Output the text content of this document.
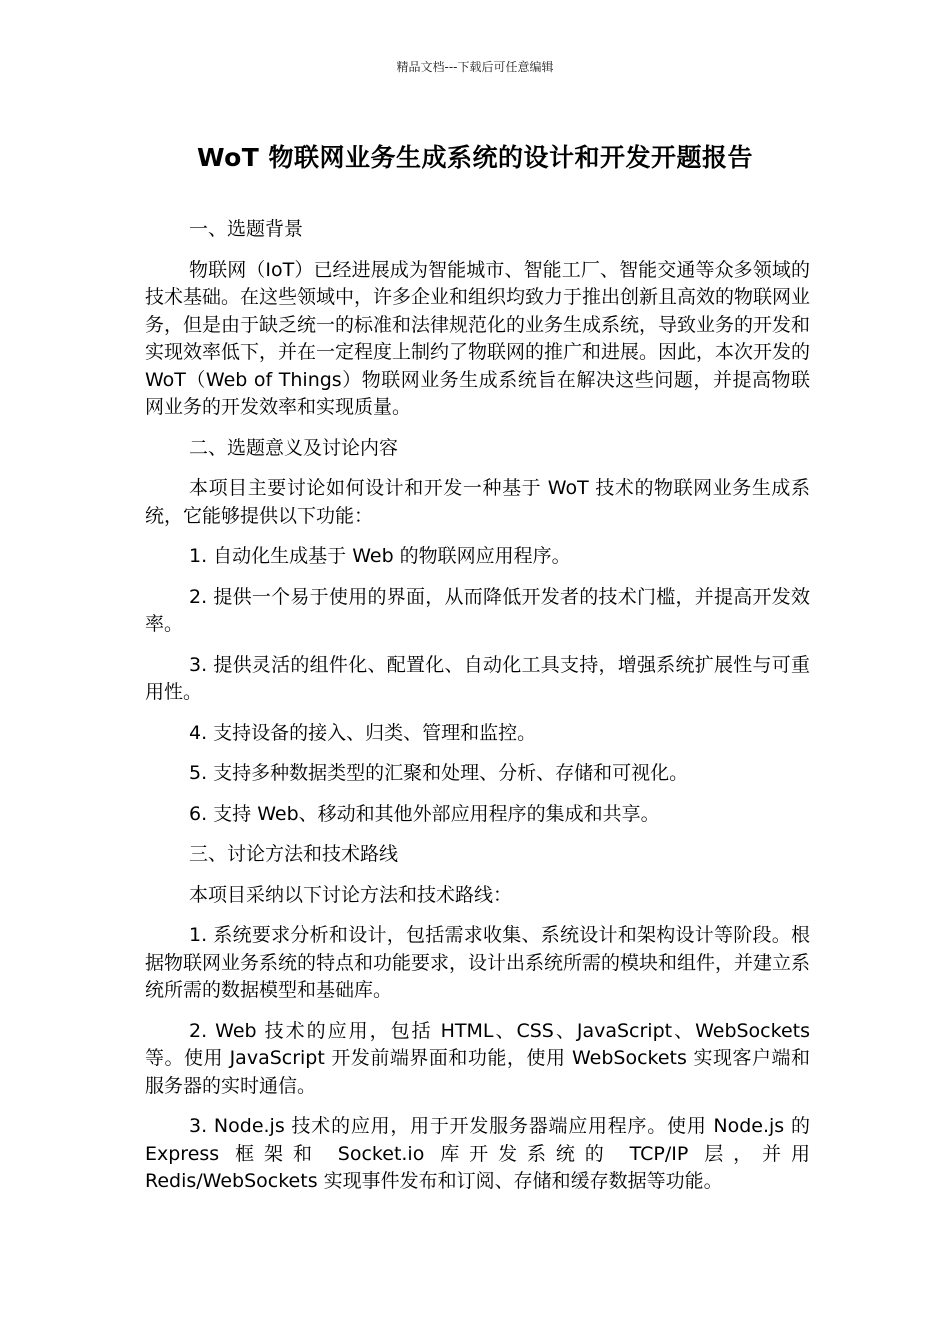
精品文档---下载后可任意编辑
WoT 物联网业务生成系统的设计和开发开题报告

一、选题背景

物联网（IoT）已经进展成为智能城市、智能工厂、智能交通等众多领域的技术基础。在这些领域中，许多企业和组织均致力于推出创新且高效的物联网业务，但是由于缺乏统一的标准和法律规范化的业务生成系统，导致业务的开发和实现效率低下，并在一定程度上制约了物联网的推广和进展。因此，本次开发的 WoT（Web of Things）物联网业务生成系统旨在解决这些问题，并提高物联网业务的开发效率和实现质量。

二、选题意义及讨论内容

本项目主要讨论如何设计和开发一种基于 WoT 技术的物联网业务生成系统，它能够提供以下功能：

1. 自动化生成基于 Web 的物联网应用程序。

2. 提供一个易于使用的界面，从而降低开发者的技术门槛，并提高开发效率。

3. 提供灵活的组件化、配置化、自动化工具支持，增强系统扩展性与可重用性。

4. 支持设备的接入、归类、管理和监控。

5. 支持多种数据类型的汇聚和处理、分析、存储和可视化。

6. 支持 Web、移动和其他外部应用程序的集成和共享。

三、讨论方法和技术路线

本项目采纳以下讨论方法和技术路线：

1. 系统要求分析和设计，包括需求收集、系统设计和架构设计等阶段。根据物联网业务系统的特点和功能要求，设计出系统所需的模块和组件，并建立系统所需的数据模型和基础库。

2. Web 技术的应用，包括 HTML、CSS、JavaScript、WebSockets 等。使用 JavaScript 开发前端界面和功能，使用 WebSockets 实现客户端和服务器的实时通信。

3. Node.js 技术的应用，用于开发服务器端应用程序。使用 Node.js 的 Express 框架和 Socket.io 库开发系统的 TCP/IP 层，并用 Redis/WebSockets 实现事件发布和订阅、存储和缓存数据等功能。
